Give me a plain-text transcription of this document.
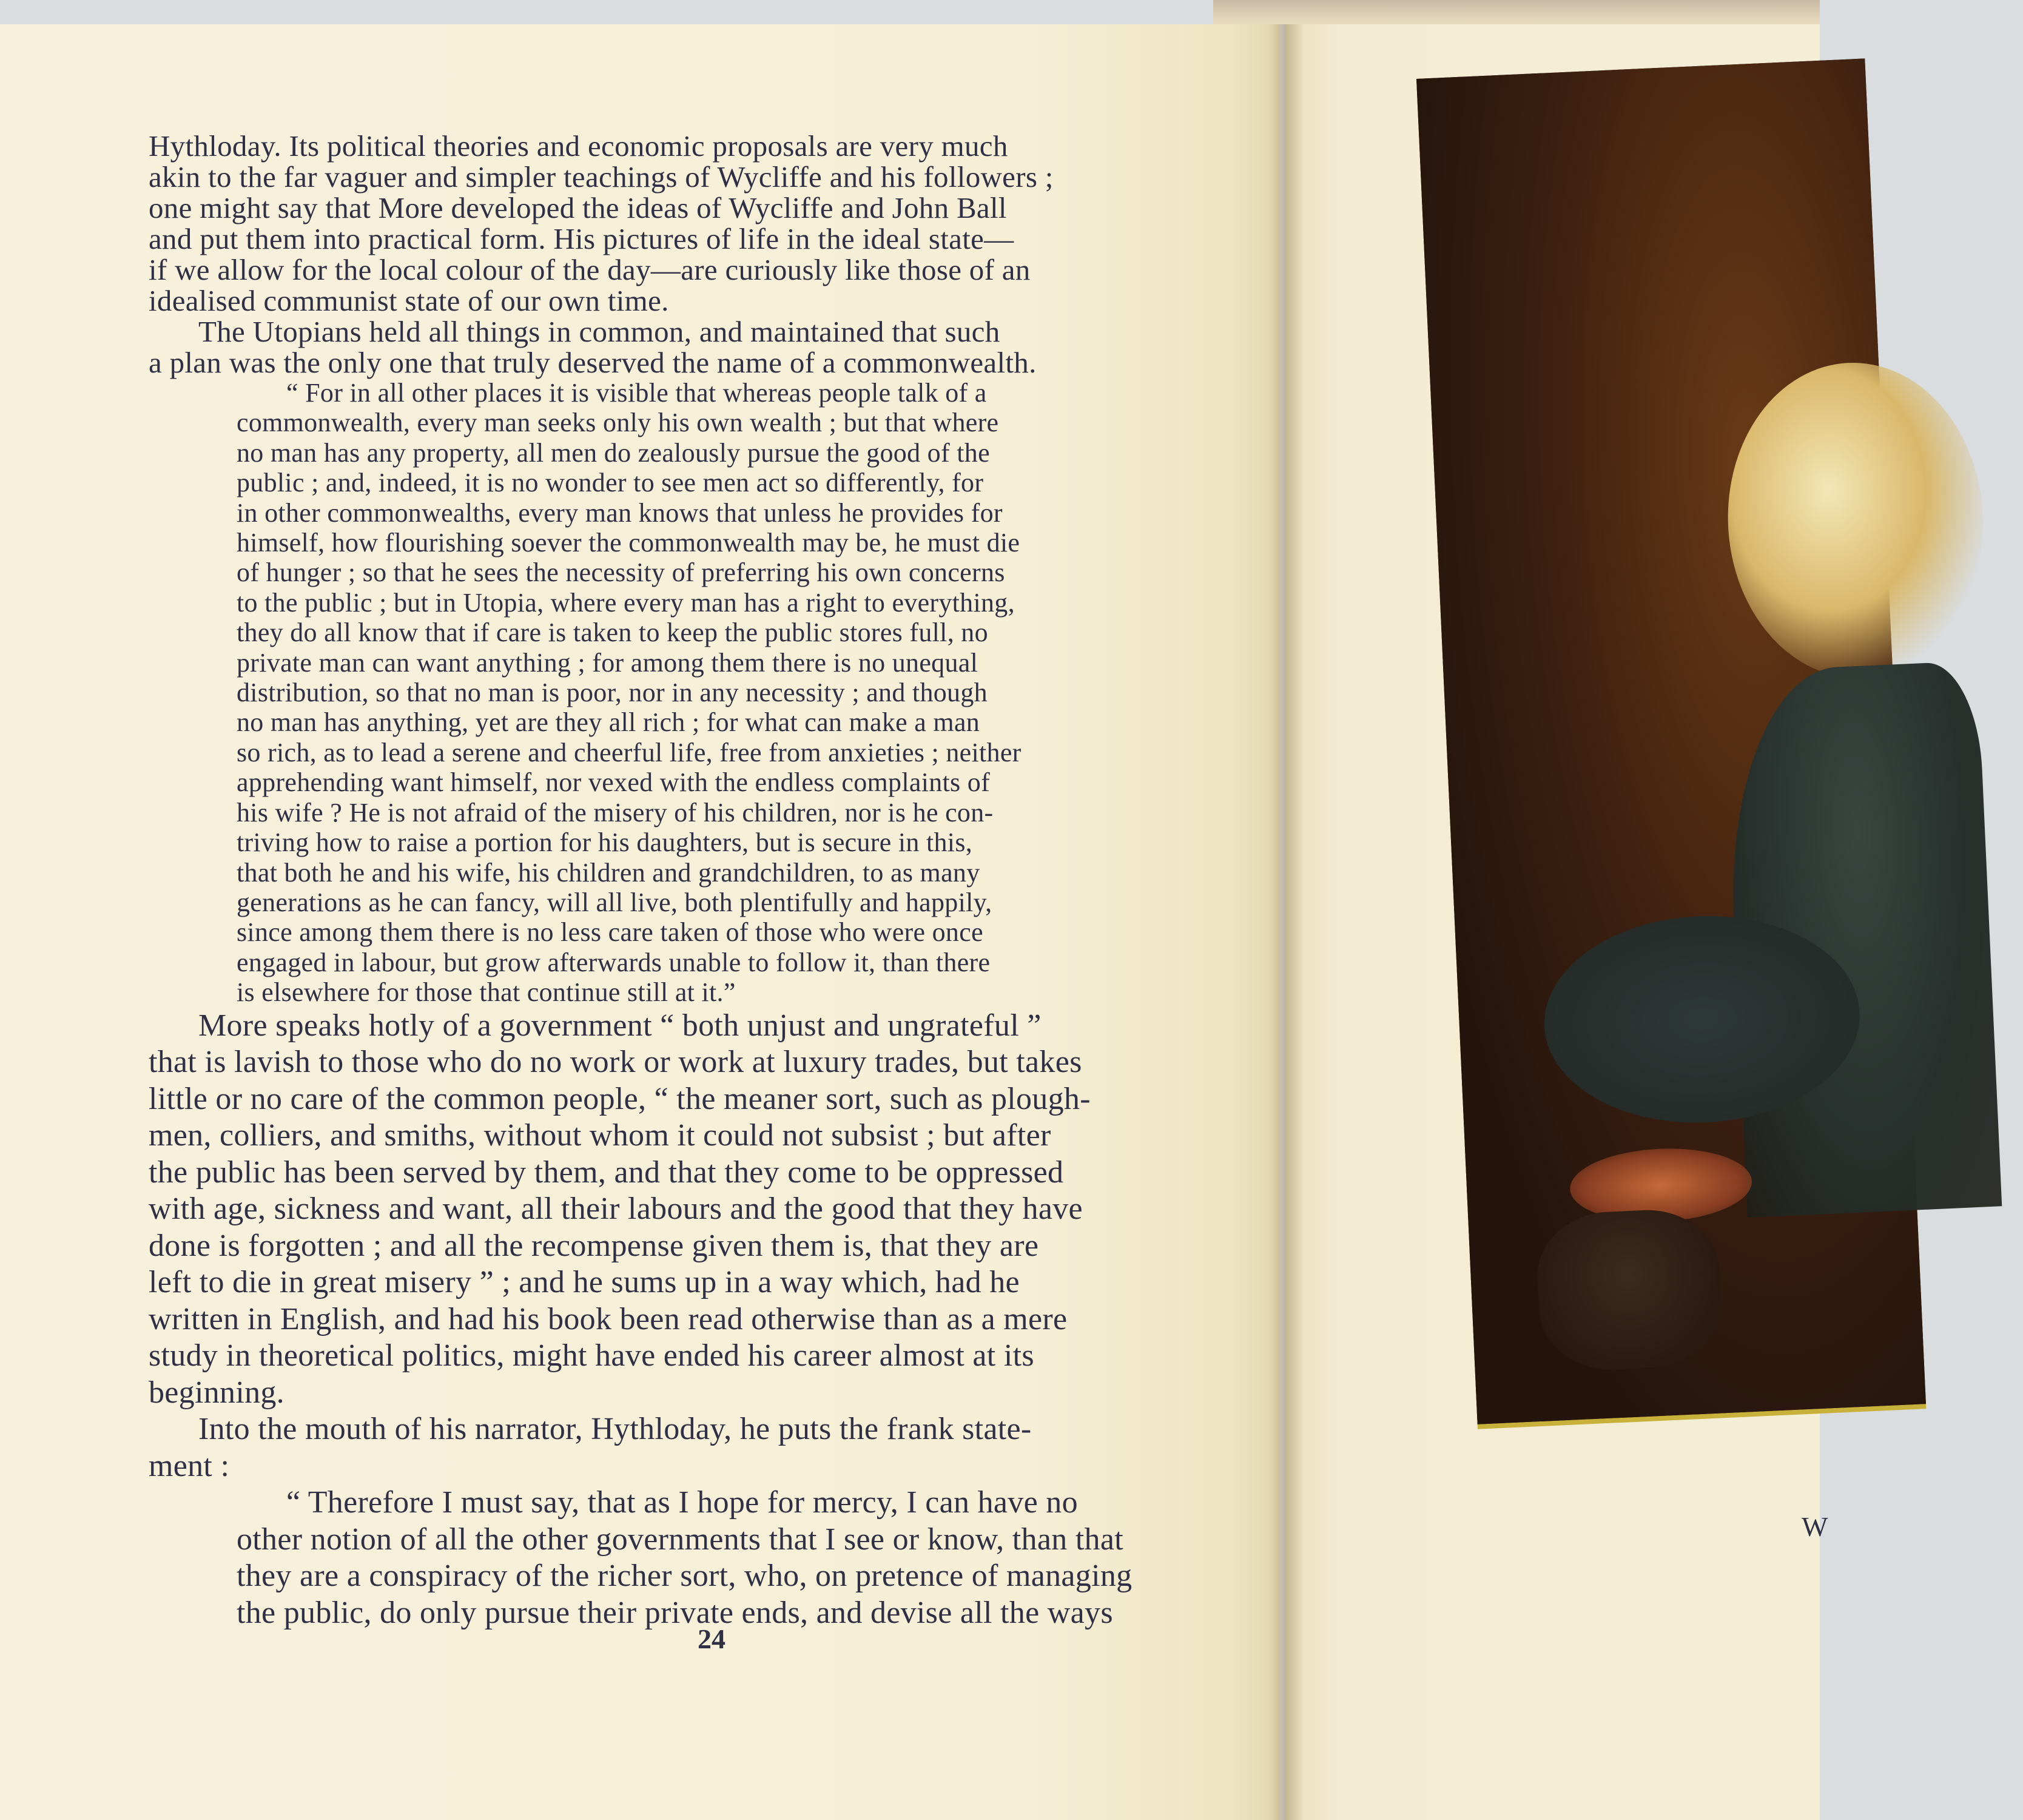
Hythloday. Its political theories and economic proposals are very much
akin to the far vaguer and simpler teachings of Wycliffe and his followers ;
one might say that More developed the ideas of Wycliffe and John Ball
and put them into practical form. His pictures of life in the ideal state—
if we allow for the local colour of the day—are curiously like those of an
idealised communist state of our own time.
The Utopians held all things in common, and maintained that such
a plan was the only one that truly deserved the name of a commonwealth.
“ For in all other places it is visible that whereas people talk of a
commonwealth, every man seeks only his own wealth ; but that where
no man has any property, all men do zealously pursue the good of the
public ; and, indeed, it is no wonder to see men act so differently, for
in other commonwealths, every man knows that unless he provides for
himself, how flourishing soever the commonwealth may be, he must die
of hunger ; so that he sees the necessity of preferring his own concerns
to the public ; but in Utopia, where every man has a right to everything,
they do all know that if care is taken to keep the public stores full, no
private man can want anything ; for among them there is no unequal
distribution, so that no man is poor, nor in any necessity ; and though
no man has anything, yet are they all rich ; for what can make a man
so rich, as to lead a serene and cheerful life, free from anxieties ; neither
apprehending want himself, nor vexed with the endless complaints of
his wife ? He is not afraid of the misery of his children, nor is he con-
triving how to raise a portion for his daughters, but is secure in this,
that both he and his wife, his children and grandchildren, to as many
generations as he can fancy, will all live, both plentifully and happily,
since among them there is no less care taken of those who were once
engaged in labour, but grow afterwards unable to follow it, than there
is elsewhere for those that continue still at it.”
More speaks hotly of a government “ both unjust and ungrateful ”
that is lavish to those who do no work or work at luxury trades, but takes
little or no care of the common people, “ the meaner sort, such as plough-
men, colliers, and smiths, without whom it could not subsist ; but after
the public has been served by them, and that they come to be oppressed
with age, sickness and want, all their labours and the good that they have
done is forgotten ; and all the recompense given them is, that they are
left to die in great misery ” ; and he sums up in a way which, had he
written in English, and had his book been read otherwise than as a mere
study in theoretical politics, might have ended his career almost at its
beginning.
Into the mouth of his narrator, Hythloday, he puts the frank state-
ment :
“ Therefore I must say, that as I hope for mercy, I can have no
other notion of all the other governments that I see or know, than that
they are a conspiracy of the richer sort, who, on pretence of managing
the public, do only pursue their private ends, and devise all the ways
24
W
